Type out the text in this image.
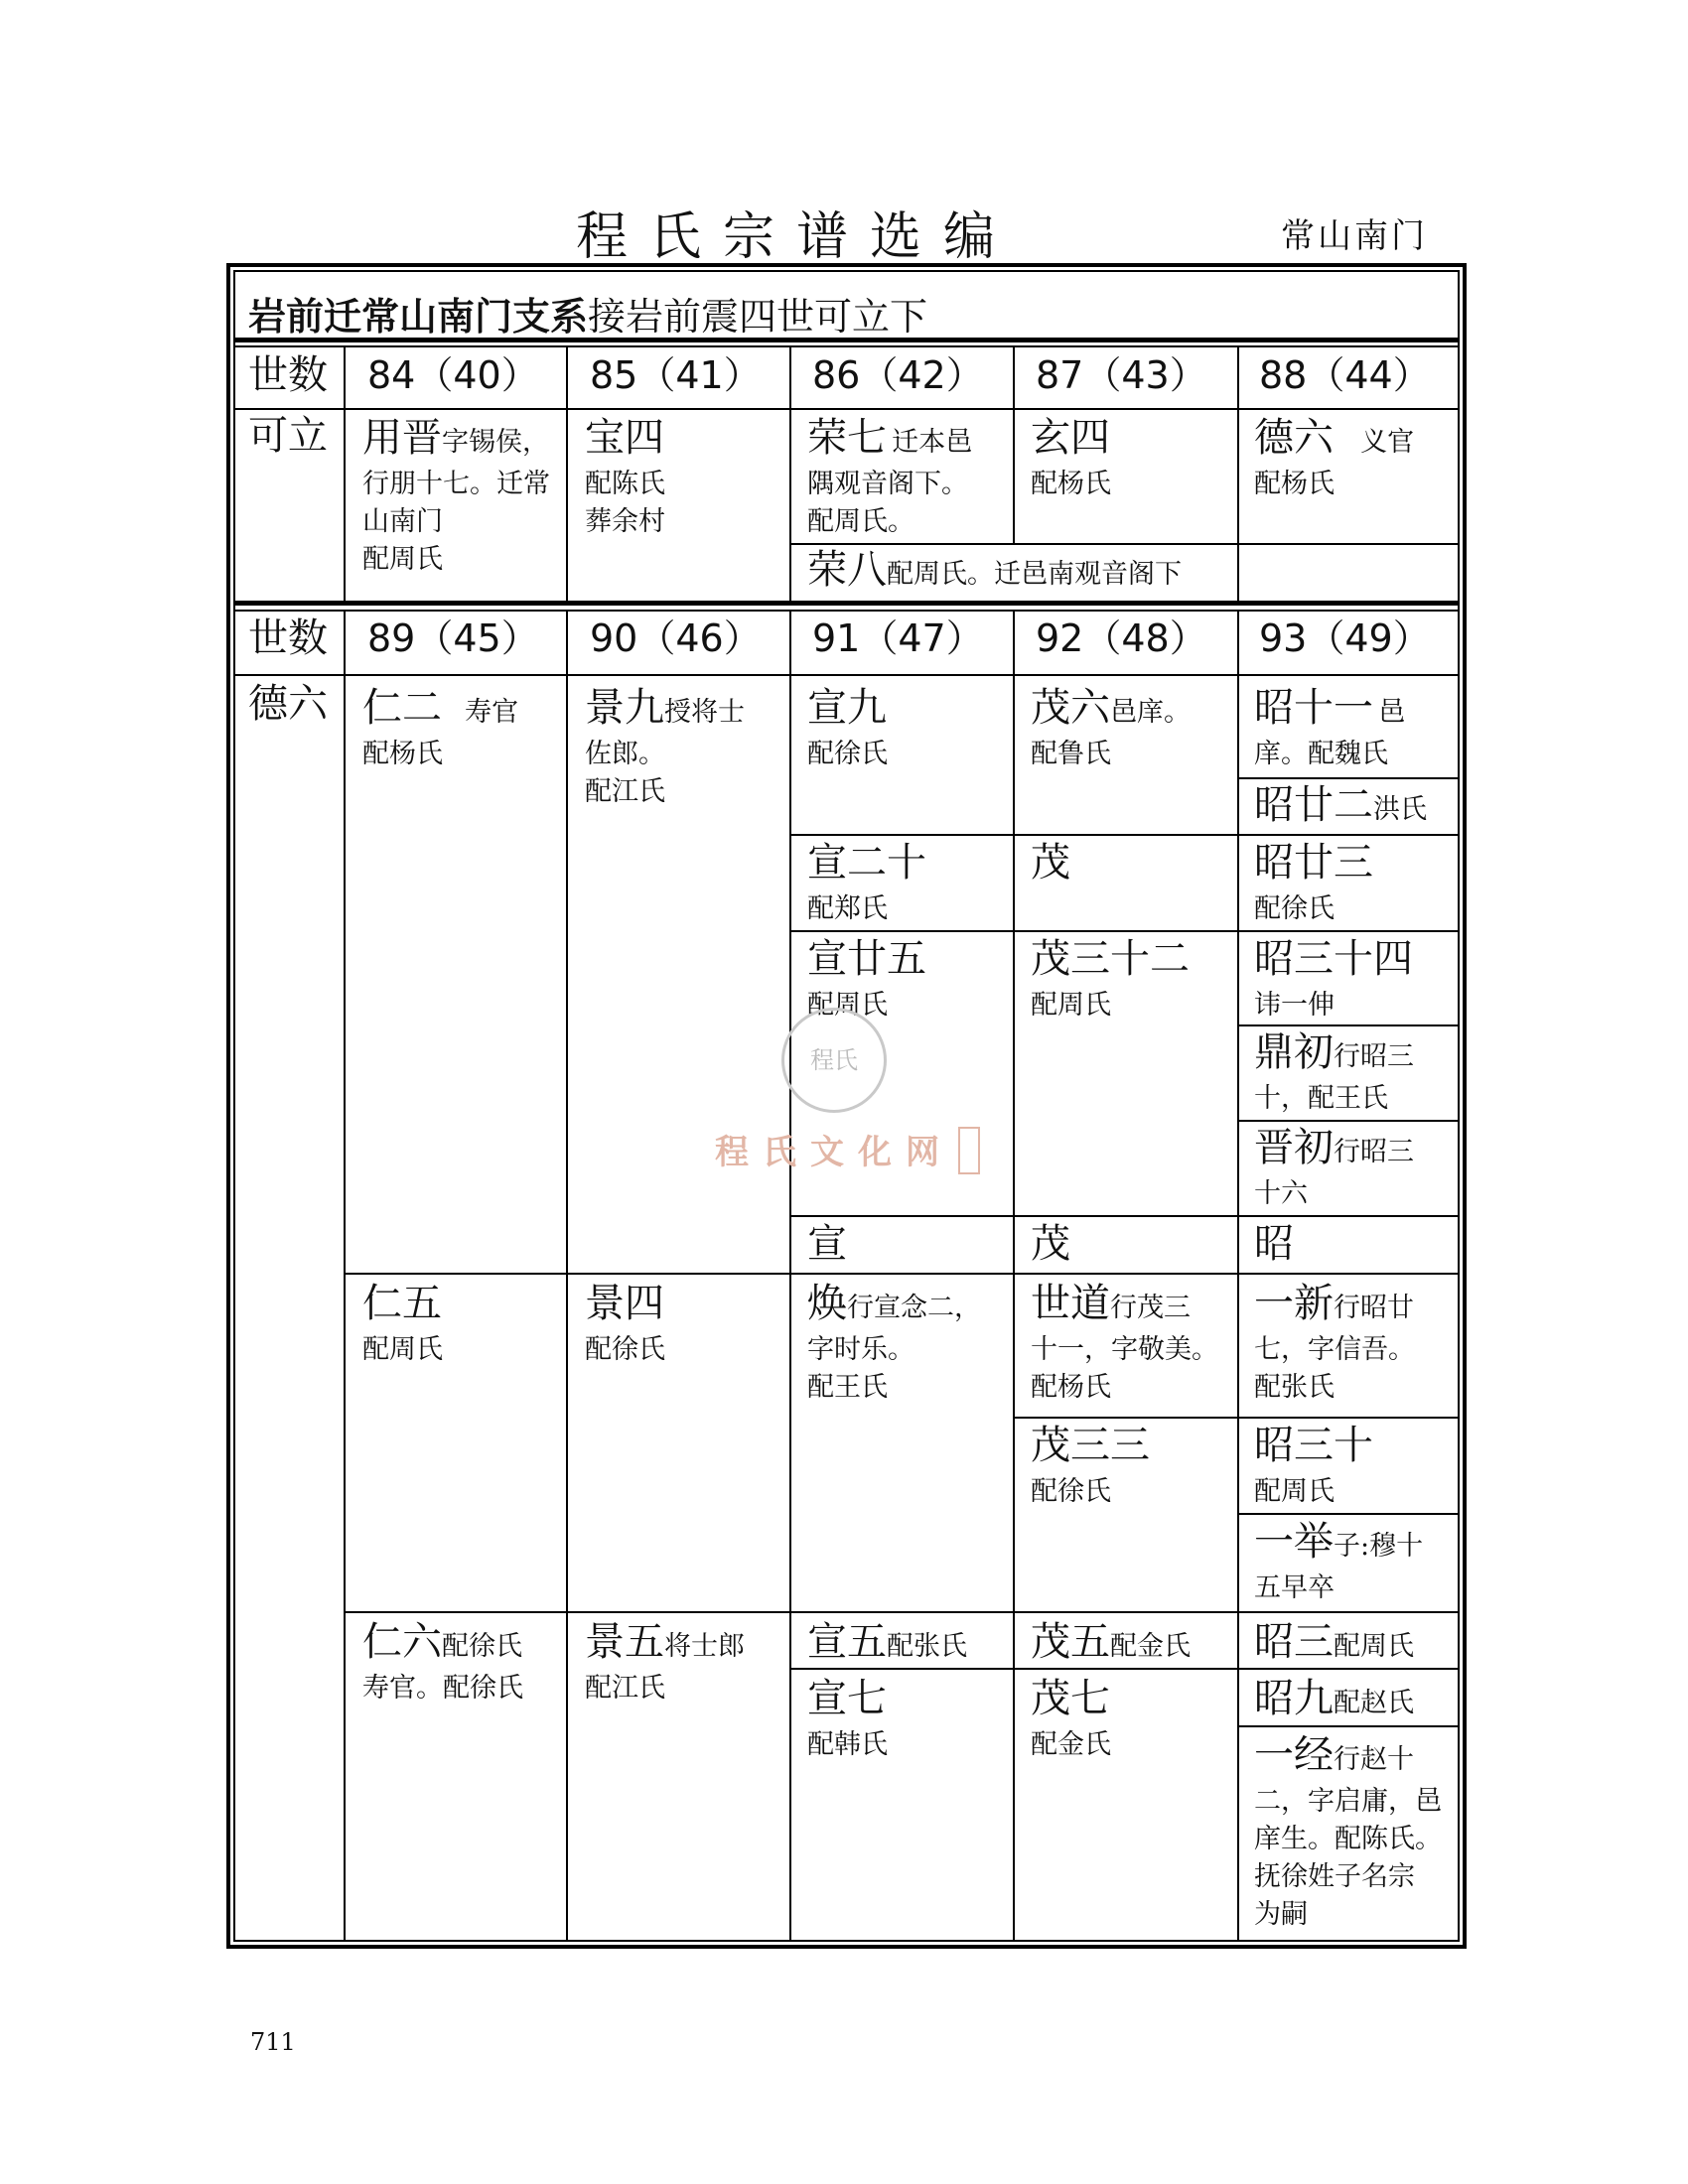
程氏宗谱选编	常山南门
岩前迁常山南门支系接岩前震四世可立下
世数 84（40） 85（41） 86（42） 87（43） 88（44）
可立 用晋字锡侯，
行朋十七。迁常
山南门
配周氏
宝四
配陈氏
葬余村
荣七 迁本邑
隅观音阁下。
配周氏。
荣八配周氏。迁邑南观音阁下
玄四
配杨氏
德六 义官
配杨氏
世数 89（45） 90（46） 91（47） 92（48） 93（49）
德六 仁二 寿官
配杨氏
仁五
配周氏
仁六配徐氏
寿官。配徐氏
景九授将士
佐郎。
配江氏
景四
配徐氏
景五将士郎
配江氏
宣九
配徐氏
宣二十
配郑氏
宣廿五
配周氏
宣
焕行宣念二，
字时乐。
配王氏
宣五配张氏
宣七
配韩氏
茂六邑庠。
配鲁氏
茂
茂三十二
配周氏
茂
世道行茂三
十一，字敬美。
配杨氏
茂三三
配徐氏
茂五配金氏
茂七
配金氏
昭十一 邑
庠。配魏氏
昭廿二洪氏
昭廿三
配徐氏
昭三十四
讳一伸
鼎初行昭三
十，配王氏
晋初行昭三
十六
昭
一新行昭廿
七，字信吾。
配张氏
昭三十
配周氏
一举子:穆十
五早卒
昭三配周氏
昭九配赵氏
一经行赵十
二，字启庸，邑
庠生。配陈氏。
抚徐姓子名宗
为嗣
程氏
程氏文化网
711
